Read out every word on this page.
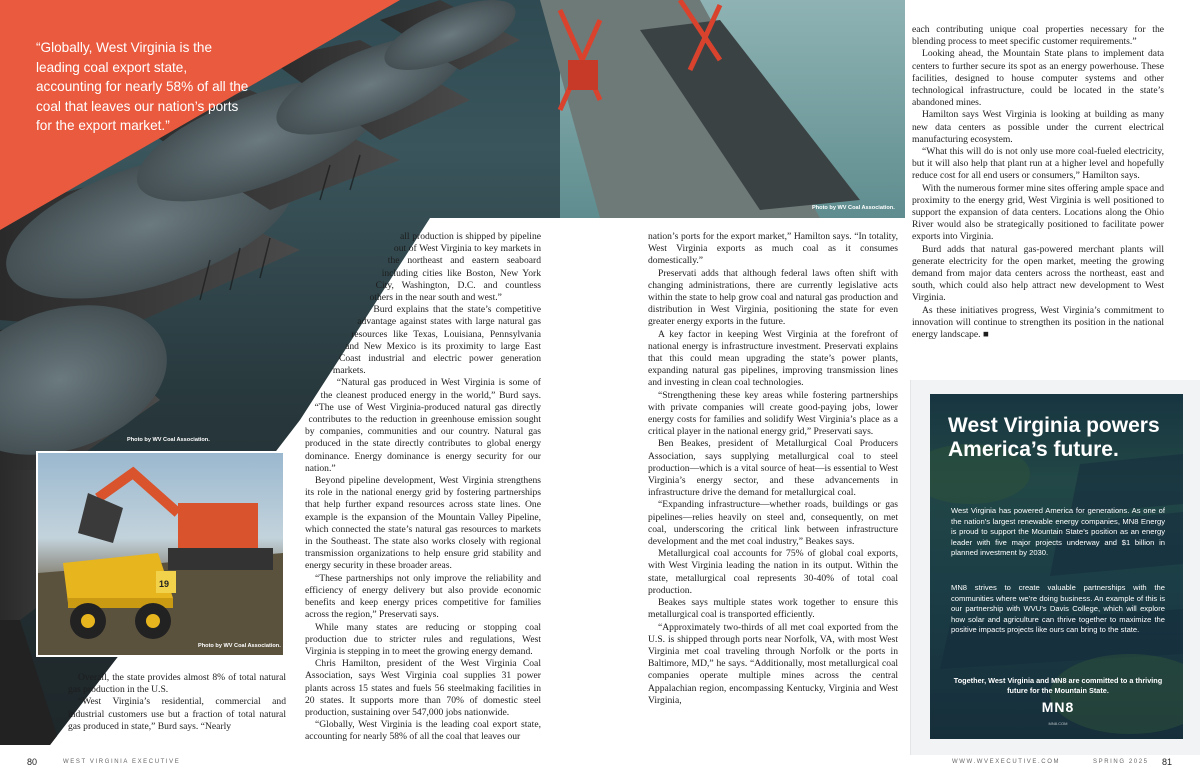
“Globally, West Virginia is the leading coal export state, accounting for nearly 58% of all the coal that leaves our nation’s ports for the export market.”

Photo by WV Coal Association.
Photo by WV Coal Association.
19
Photo by WV Coal Association.

all production is shipped by pipeline out of West Virginia to key markets in the northeast and eastern seaboard including cities like Boston, New York City, Washington, D.C. and countless others in the near south and west.”

Burd explains that the state’s competitive advantage against states with large natural gas resources like Texas, Louisiana, Pennsylvania and New Mexico is its proximity to large East Coast industrial and electric power generation markets.

“Natural gas produced in West Virginia is some of the cleanest produced energy in the world,” Burd says. “The use of West Virginia-produced natural gas directly contributes to the reduction in greenhouse emission sought by companies, communities and our country. Natural gas produced in the state directly contributes to global energy dominance. Energy dominance is energy security for our nation.”

Beyond pipeline development, West Virginia strengthens its role in the national energy grid by fostering partnerships that help further expand resources across state lines. One example is the expansion of the Mountain Valley Pipeline, which connected the state’s natural gas resources to markets in the Southeast. The state also works closely with regional transmission organizations to help ensure grid stability and energy security in these broader areas.

“These partnerships not only improve the reliability and efficiency of energy delivery but also provide economic benefits and keep energy prices competitive for families across the region,” Preservati says.

While many states are reducing or stopping coal production due to stricter rules and regulations, West Virginia is stepping in to meet the growing energy demand.

Chris Hamilton, president of the West Virginia Coal Association, says West Virginia coal supplies 31 power plants across 15 states and fuels 56 steelmaking facilities in 20 states. It supports more than 70% of domestic steel production, sustaining over 547,000 jobs nationwide.

“Globally, West Virginia is the leading coal export state, accounting for nearly 58% of all the coal that leaves our

Overall, the state provides almost 8% of total natural gas production in the U.S.

“West Virginia’s residential, commercial and industrial customers use but a fraction of total natural gas produced in state,” Burd says. “Nearly

nation’s ports for the export market,” Hamilton says. “In totality, West Virginia exports as much coal as it consumes domestically.”

Preservati adds that although federal laws often shift with changing administrations, there are currently legislative acts within the state to help grow coal and natural gas production and distribution in West Virginia, positioning the state for even greater energy exports in the future.

A key factor in keeping West Virginia at the forefront of national energy is infrastructure investment. Preservati explains that this could mean upgrading the state’s power plants, expanding natural gas pipelines, improving transmission lines and investing in clean coal technologies.

“Strengthening these key areas while fostering partnerships with private companies will create good-paying jobs, lower energy costs for families and solidify West Virginia’s place as a critical player in the national energy grid,” Preservati says.

Ben Beakes, president of Metallurgical Coal Producers Association, says supplying metallurgical coal to steel production—which is a vital source of heat—is essential to West Virginia’s energy sector, and these advancements in infrastructure drive the demand for metallurgical coal.

“Expanding infrastructure—whether roads, buildings or gas pipelines—relies heavily on steel and, consequently, on met coal, underscoring the critical link between infrastructure development and the met coal industry,” Beakes says.

Metallurgical coal accounts for 75% of global coal exports, with West Virginia leading the nation in its output. Within the state, metallurgical coal represents 30-40% of total coal production.

Beakes says multiple states work together to ensure this metallurgical coal is transported efficiently.

“Approximately two-thirds of all met coal exported from the U.S. is shipped through ports near Norfolk, VA, with most West Virginia met coal traveling through Norfolk or the ports in Baltimore, MD,” he says. “Additionally, most metallurgical coal companies operate multiple mines across the central Appalachian region, encompassing Kentucky, Virginia and West Virginia,

each contributing unique coal properties necessary for the blending process to meet specific customer requirements.”

Looking ahead, the Mountain State plans to implement data centers to further secure its spot as an energy powerhouse. These facilities, designed to house computer systems and other technological infrastructure, could be located in the state’s abandoned mines.

Hamilton says West Virginia is looking at building as many new data centers as possible under the current electrical manufacturing ecosystem.

“What this will do is not only use more coal-fueled electricity, but it will also help that plant run at a higher level and hopefully reduce cost for all end users or consumers,” Hamilton says.

With the numerous former mine sites offering ample space and proximity to the energy grid, West Virginia is well positioned to support the expansion of data centers. Locations along the Ohio River would also be strategically positioned to facilitate power exports into Virginia.

Burd adds that natural gas-powered merchant plants will generate electricity for the open market, meeting the growing demand from major data centers across the northeast, east and south, which could also help attract new development to West Virginia.

As these initiatives progress, West Virginia’s commitment to innovation will continue to strengthen its position in the national energy landscape. ■

West Virginia powers America’s future.

West Virginia has powered America for generations. As one of the nation’s largest renewable energy companies, MN8 Energy is proud to support the Mountain State’s position as an energy leader with five major projects underway and $1 billion in planned investment by 2030.

MN8 strives to create valuable partnerships with the communities where we’re doing business. An example of this is our partnership with WVU’s Davis College, which will explore how solar and agriculture can thrive together to maximize the positive impacts projects like ours can bring to the state.

Together, West Virginia and MN8 are committed to a thriving future for the Mountain State.

MN8
MN8.COM
80	WEST VIRGINIA EXECUTIVE	WWW.WVEXECUTIVE.COM	SPRING 2025 81
